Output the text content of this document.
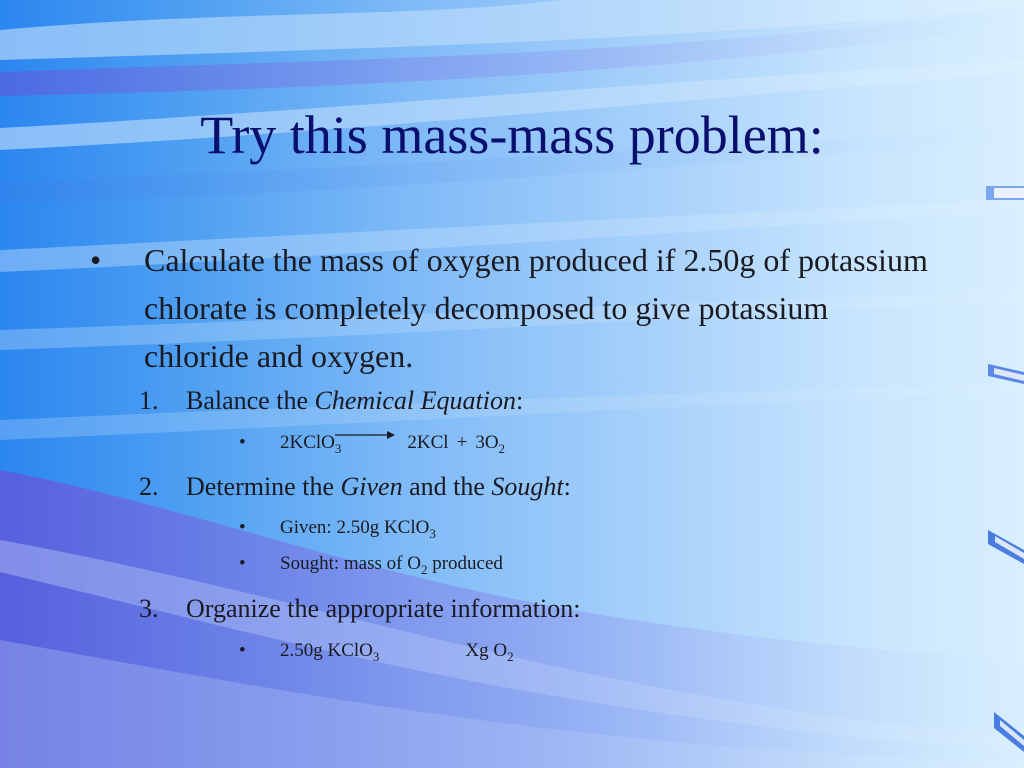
Try this mass-mass problem:
• Calculate the mass of oxygen produced if 2.50g of potassium chlorate is completely decomposed to give potassium chloride and oxygen.
1. Balance the Chemical Equation:
• 2KClO$_3$→ $2KCl + 3O_2$
2. Determine the Given and the Sought:
• Given: 2.50g KClO$_3$
• Sought: mass of $O_2$ produced
3. Organize the appropriate information:
• 2.50g KClO$_3$	Xg $O_2$
